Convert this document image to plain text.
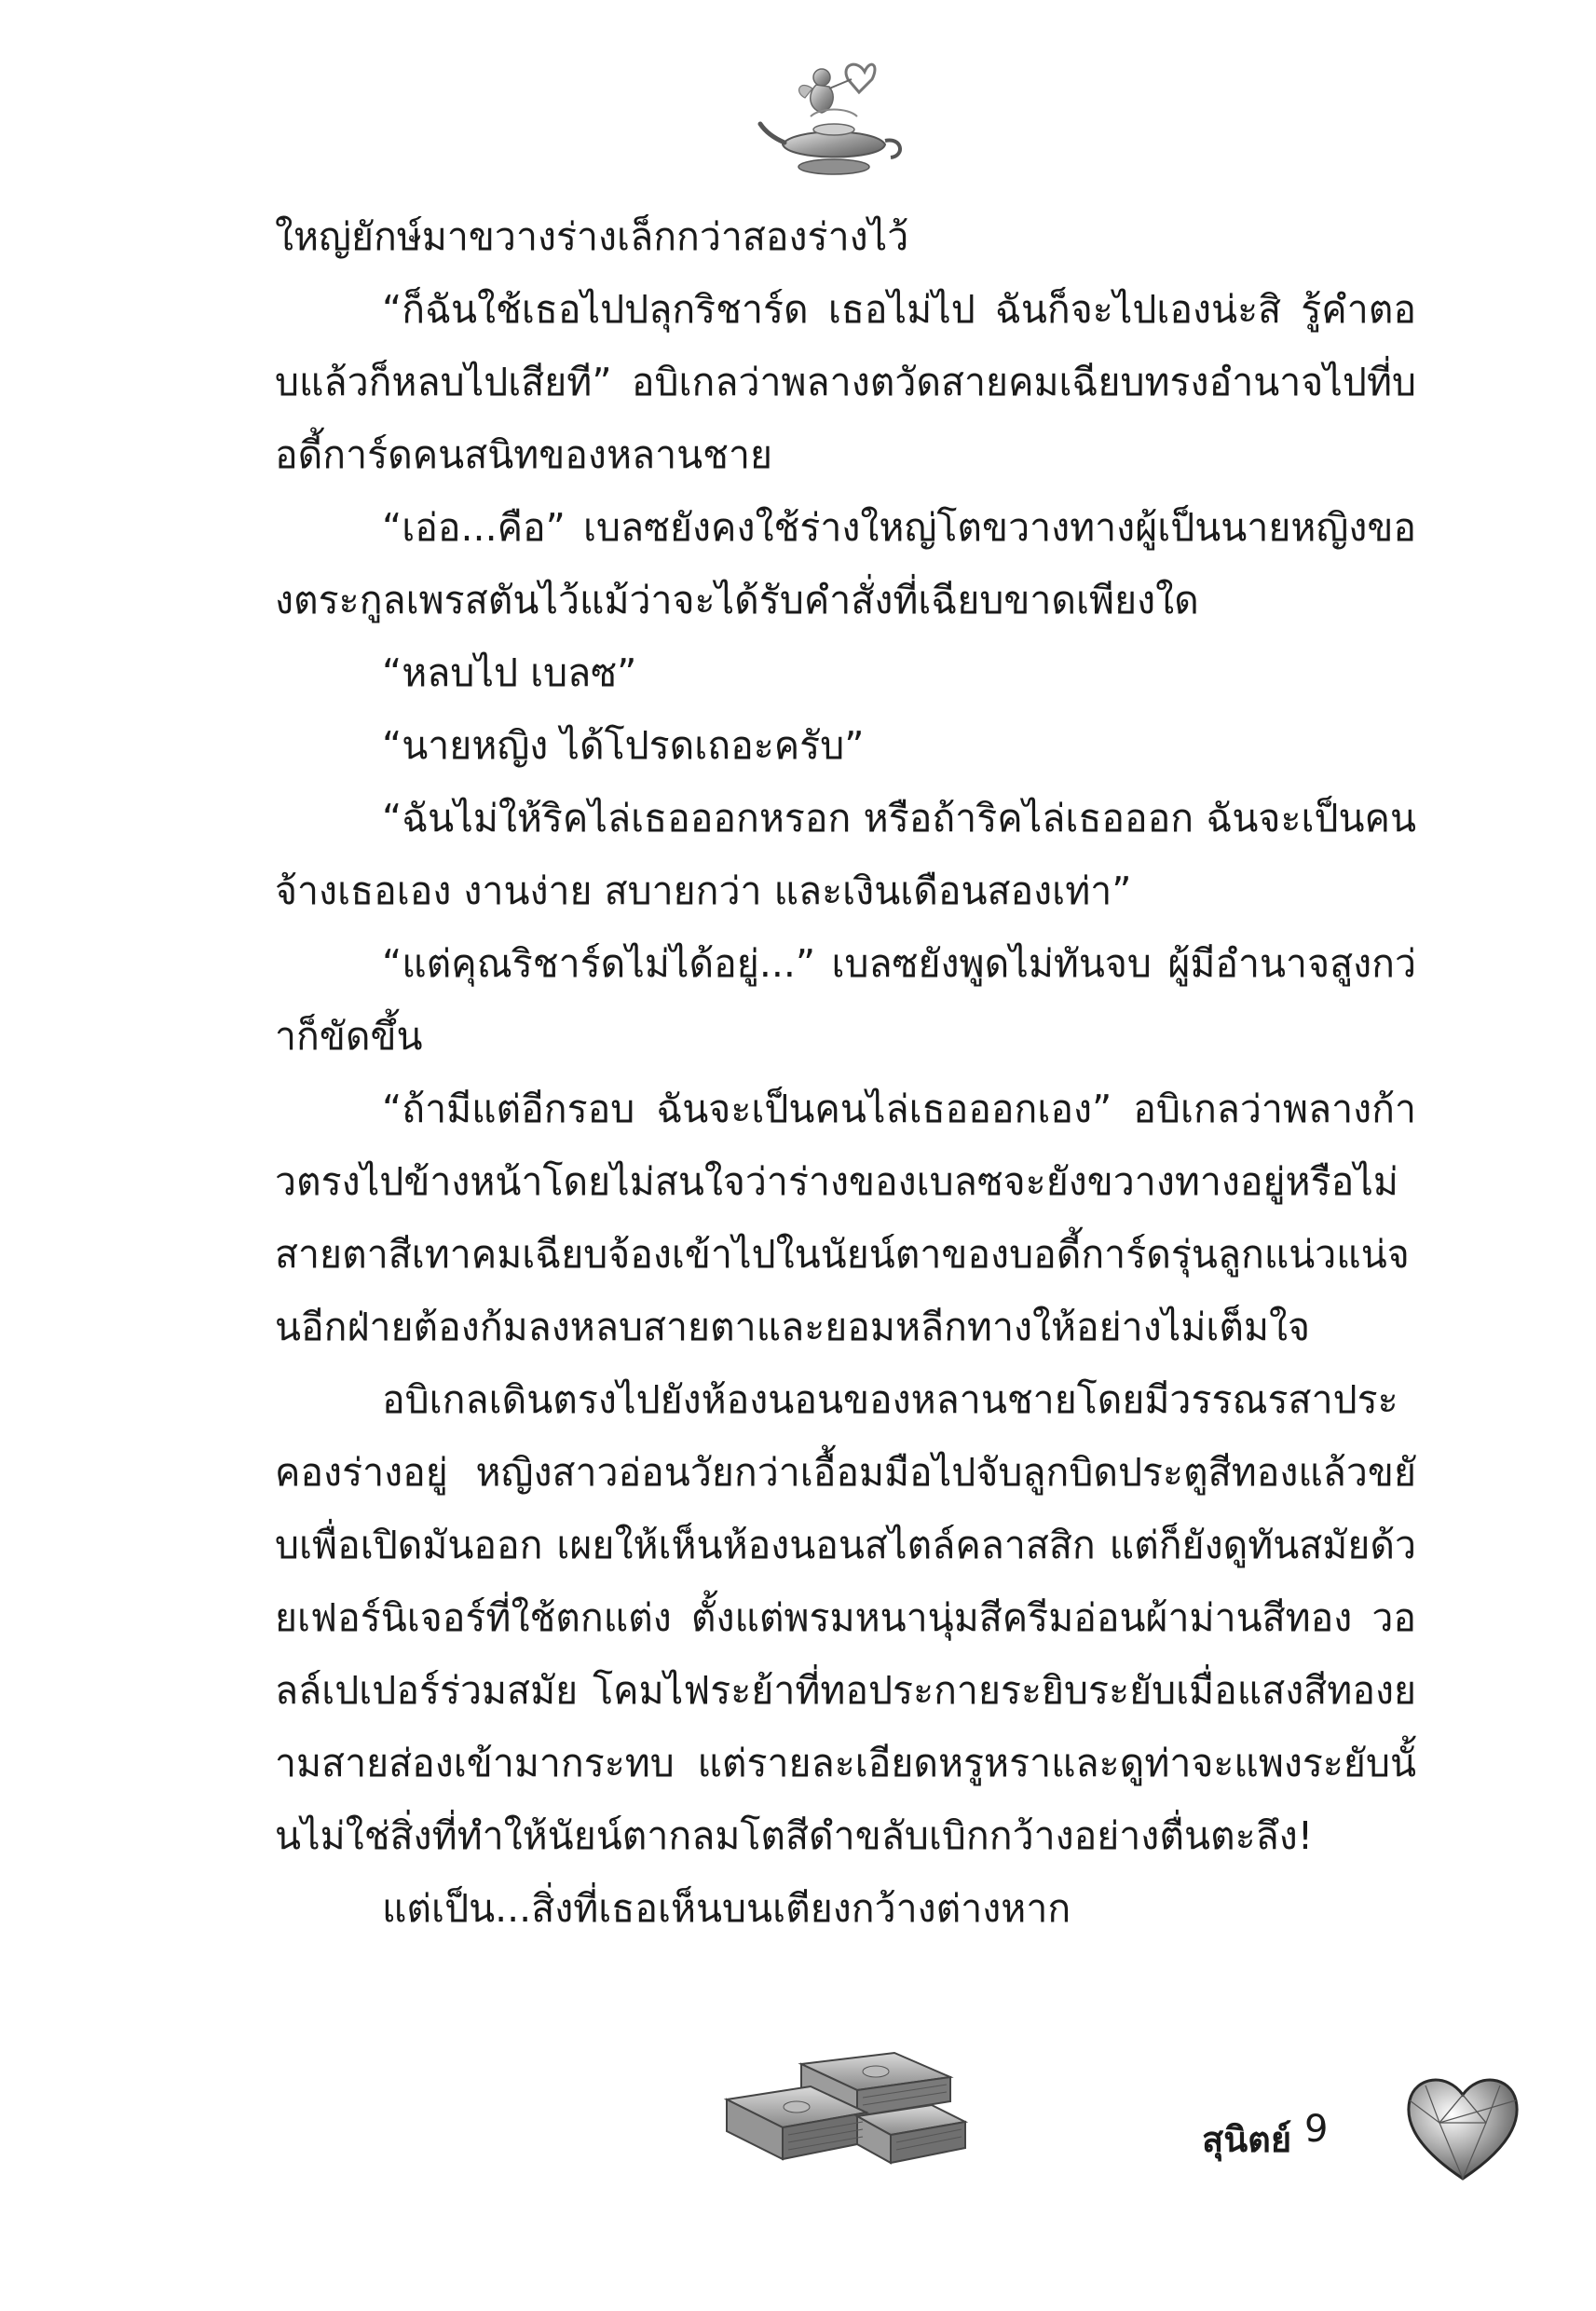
ใหญ่ยักษ์มาขวางร่างเล็กกว่าสองร่างไว้

“ก็ฉันใช้เธอไปปลุกริชาร์ด เธอไม่ไป ฉันก็จะไปเองน่ะสิ รู้คำตอบแล้วก็หลบไปเสียที” อบิเกลว่าพลางตวัดสายคมเฉียบทรงอำนาจไปที่บอดี้การ์ดคนสนิทของหลานชาย

“เอ่อ...คือ” เบลซยังคงใช้ร่างใหญ่โตขวางทางผู้เป็นนายหญิงของตระกูลเพรสตันไว้แม้ว่าจะได้รับคำสั่งที่เฉียบขาดเพียงใด

“หลบไป เบลซ”

“นายหญิง ได้โปรดเถอะครับ”

“ฉันไม่ให้ริคไล่เธอออกหรอก หรือถ้าริคไล่เธอออก ฉันจะเป็นคนจ้างเธอเอง งานง่าย สบายกว่า และเงินเดือนสองเท่า”

“แต่คุณริชาร์ดไม่ได้อยู่...” เบลซยังพูดไม่ทันจบ ผู้มีอำนาจสูงกว่าก็ขัดขึ้น

“ถ้ามีแต่อีกรอบ ฉันจะเป็นคนไล่เธอออกเอง” อบิเกลว่าพลางก้าวตรงไปข้างหน้าโดยไม่สนใจว่าร่างของเบลซจะยังขวางทางอยู่หรือไม่สายตาสีเทาคมเฉียบจ้องเข้าไปในนัยน์ตาของบอดี้การ์ดรุ่นลูกแน่วแน่จนอีกฝ่ายต้องก้มลงหลบสายตาและยอมหลีกทางให้อย่างไม่เต็มใจ

อบิเกลเดินตรงไปยังห้องนอนของหลานชายโดยมีวรรณรสาประคองร่างอยู่ หญิงสาวอ่อนวัยกว่าเอื้อมมือไปจับลูกบิดประตูสีทองแล้วขยับเพื่อเปิดมันออก เผยให้เห็นห้องนอนสไตล์คลาสสิก แต่ก็ยังดูทันสมัยด้วยเฟอร์นิเจอร์ที่ใช้ตกแต่ง ตั้งแต่พรมหนานุ่มสีครีมอ่อนผ้าม่านสีทอง วอลล์เปเปอร์ร่วมสมัย โคมไฟระย้าที่ทอประกายระยิบระยับเมื่อแสงสีทองยามสายส่องเข้ามากระทบ แต่รายละเอียดหรูหราและดูท่าจะแพงระยับนั้นไม่ใช่สิ่งที่ทำให้นัยน์ตากลมโตสีดำขลับเบิกกว้างอย่างตื่นตะลึง!

แต่เป็น...สิ่งที่เธอเห็นบนเตียงกว้างต่างหาก

สุนิตย์ 9
